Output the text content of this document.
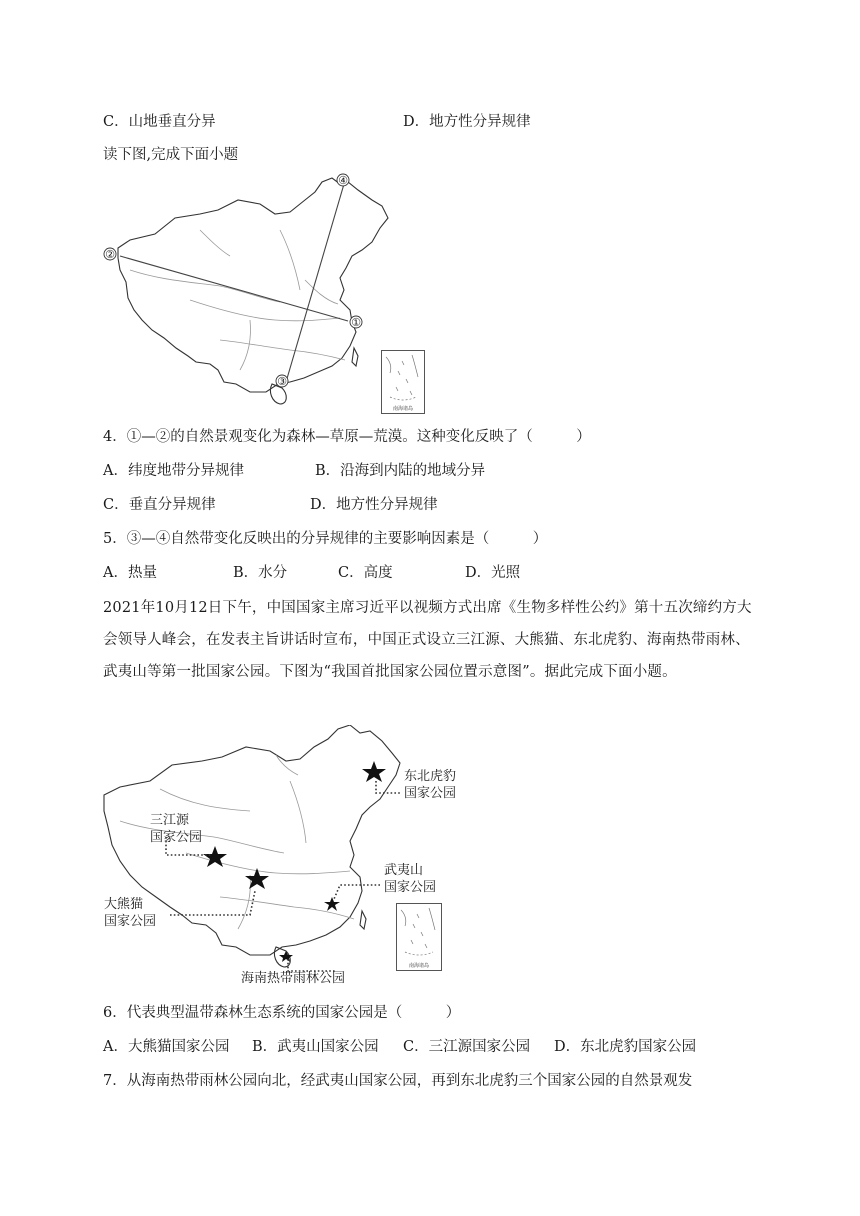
C．山地垂直分异	D．地方性分异规律
读下图,完成下面小题
②
①
③
④
南海诸岛
4．①—②的自然景观变化为森林—草原—荒漠。这种变化反映了（　　　）
A．纬度地带分异规律	B．沿海到内陆的地域分异
C．垂直分异规律	D．地方性分异规律
5．③—④自然带变化反映出的分异规律的主要影响因素是（　　　）
A．热量	B．水分	C．高度	D．光照
2021年10月12日下午，中国国家主席习近平以视频方式出席《生物多样性公约》第十五次缔约方大会领导人峰会，在发表主旨讲话时宣布，中国正式设立三江源、大熊猫、东北虎豹、海南热带雨林、武夷山等第一批国家公园。下图为“我国首批国家公园位置示意图”。据此完成下面小题。
南海诸岛
东北虎豹
国家公园
三江源
国家公园
武夷山
国家公园
大熊猫
国家公园
海南热带雨林公园
6．代表典型温带森林生态系统的国家公园是（　　　）
A．大熊猫国家公园 B．武夷山国家公园 C．三江源国家公园 D．东北虎豹国家公园
7．从海南热带雨林公园向北，经武夷山国家公园，再到东北虎豹三个国家公园的自然景观发
